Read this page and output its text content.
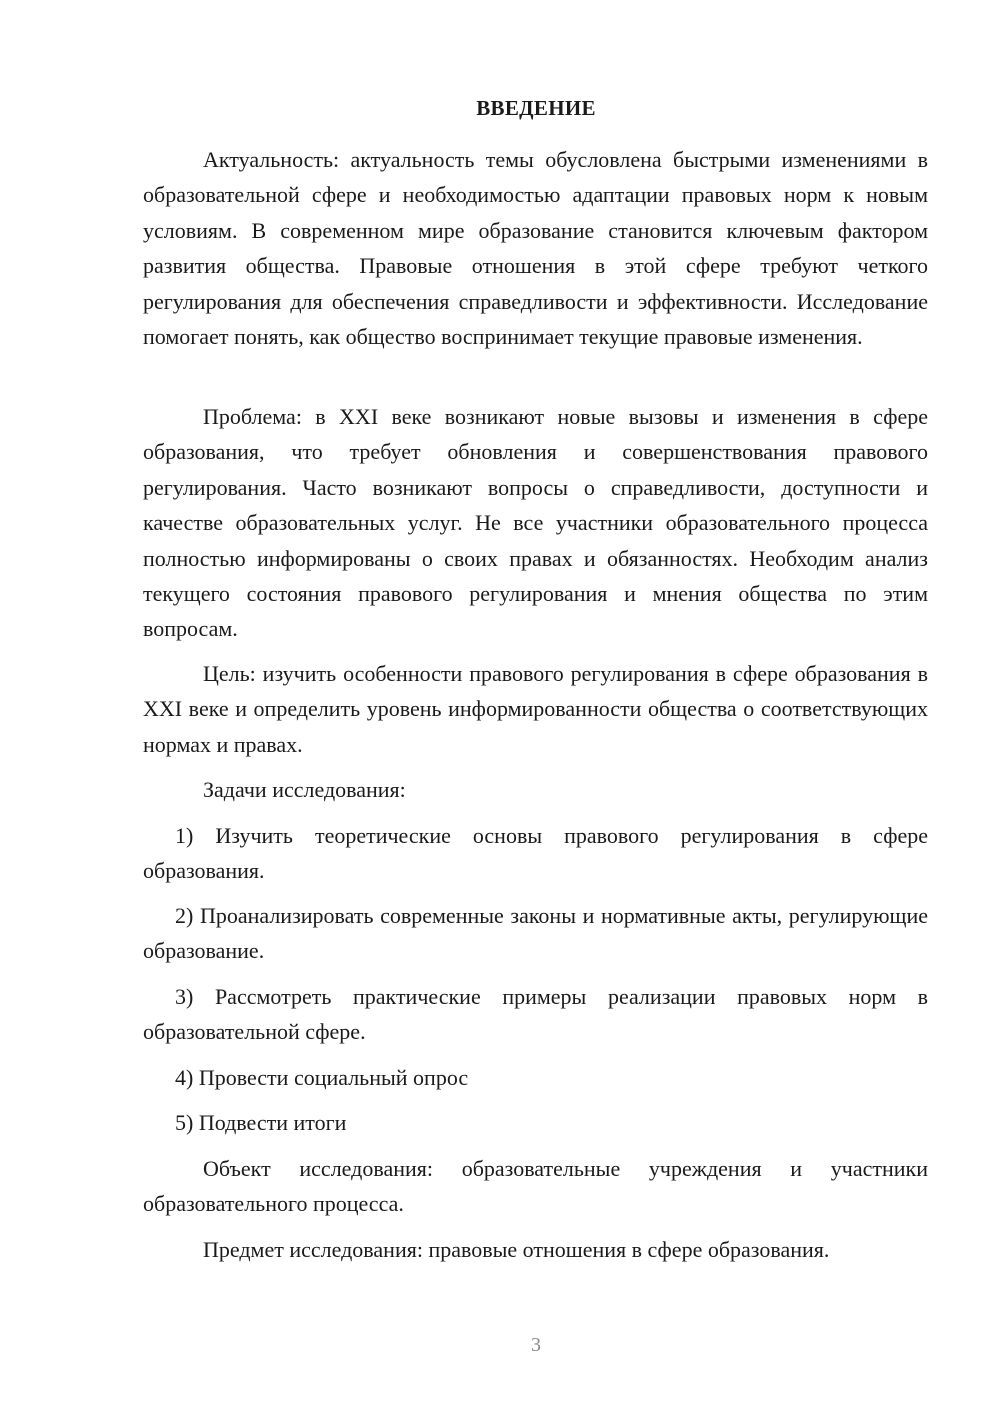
ВВЕДЕНИЕ

Актуальность: актуальность темы обусловлена быстрыми изменениями в образовательной сфере и необходимостью адаптации правовых норм к новым условиям. В современном мире образование становится ключевым фактором развития общества. Правовые отношения в этой сфере требуют четкого регулирования для обеспечения справедливости и эффективности. Исследование помогает понять, как общество воспринимает текущие правовые изменения.

Проблема: в XXI веке возникают новые вызовы и изменения в сфере образования, что требует обновления и совершенствования правового регулирования. Часто возникают вопросы о справедливости, доступности и качестве образовательных услуг. Не все участники образовательного процесса полностью информированы о своих правах и обязанностях. Необходим анализ текущего состояния правового регулирования и мнения общества по этим вопросам.

Цель: изучить особенности правового регулирования в сфере образования в XXI веке и определить уровень информированности общества о соответствующих нормах и правах.

Задачи исследования:

1) Изучить теоретические основы правового регулирования в сфере образования.

2) Проанализировать современные законы и нормативные акты, регулирующие образование.

3) Рассмотреть практические примеры реализации правовых норм в образовательной сфере.

4) Провести социальный опрос

5) Подвести итоги

Объект исследования: образовательные учреждения и участники образовательного процесса.

Предмет исследования: правовые отношения в сфере образования.

3
